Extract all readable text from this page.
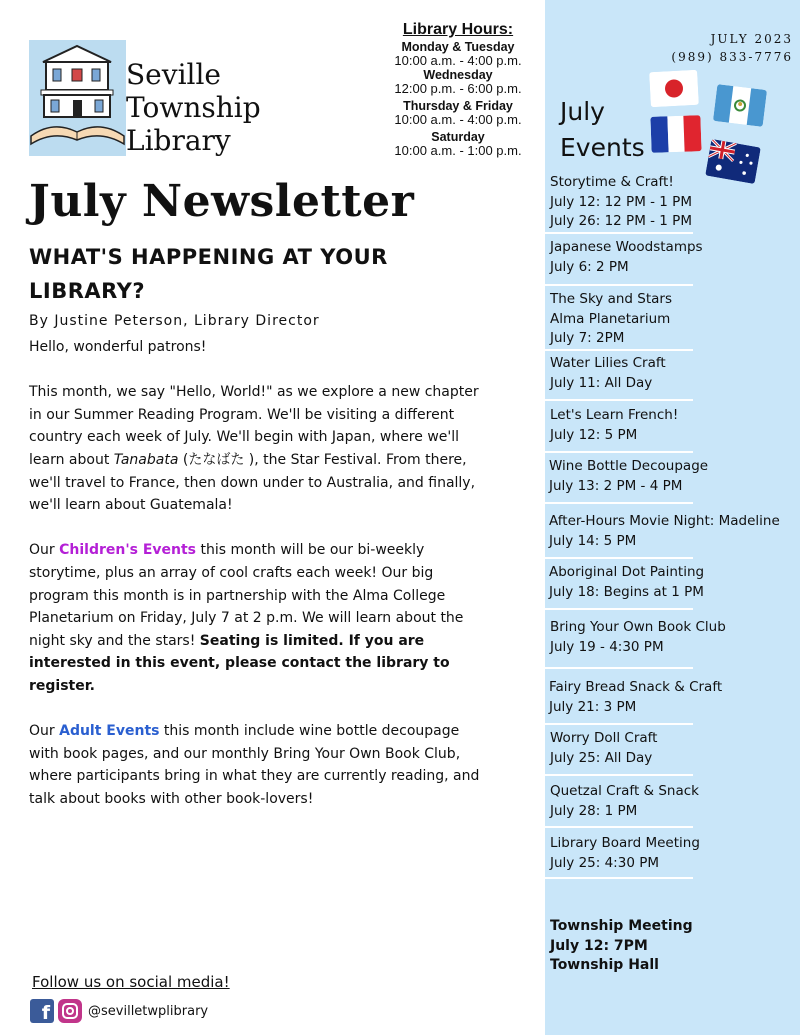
Seville
Township
Library
Library Hours:
Monday & Tuesday
10:00 a.m. - 4:00 p.m.
Wednesday
12:00 p.m. - 6:00 p.m.
Thursday & Friday
10:00 a.m. - 4:00 p.m.
Saturday
10:00 a.m. - 1:00 p.m.
July Newsletter
WHAT'S HAPPENING AT YOUR LIBRARY?
By Justine Peterson, Library Director

Hello, wonderful patrons!

This month, we say "Hello, World!" as we explore a new chapter in our Summer Reading Program. We'll be visiting a different country each week of July. We'll begin with Japan, where we'll learn about Tanabata (たなばた ), the Star Festival. From there, we'll travel to France, then down under to Australia, and finally, we'll learn about Guatemala!

Our Children's Events this month will be our bi-weekly storytime, plus an array of cool crafts each week! Our big program this month is in partnership with the Alma College Planetarium on Friday, July 7 at 2 p.m. We will learn about the night sky and the stars! Seating is limited. If you are interested in this event, please contact the library to register.

Our Adult Events this month include wine bottle decoupage with book pages, and our monthly Bring Your Own Book Club, where participants bring in what they are currently reading, and talk about books with other book-lovers!

Follow us on social media!
f	@sevilletwplibrary
JULY 2023
(989) 833-7776
July
Events
Storytime & Craft!
July 12: 12 PM - 1 PM
July 26: 12 PM - 1 PM
Japanese Woodstamps
July 6: 2 PM
The Sky and Stars
Alma Planetarium
July 7: 2PM
Water Lilies Craft
July 11: All Day
Let's Learn French!
July 12: 5 PM
Wine Bottle Decoupage
July 13: 2 PM - 4 PM
After-Hours Movie Night: Madeline
July 14: 5 PM
Aboriginal Dot Painting
July 18: Begins at 1 PM
Bring Your Own Book Club
July 19 - 4:30 PM
Fairy Bread Snack & Craft
July 21: 3 PM
Worry Doll Craft
July 25: All Day
Quetzal Craft & Snack
July 28: 1 PM
Library Board Meeting
July 25: 4:30 PM
Township Meeting
July 12: 7PM
Township Hall
